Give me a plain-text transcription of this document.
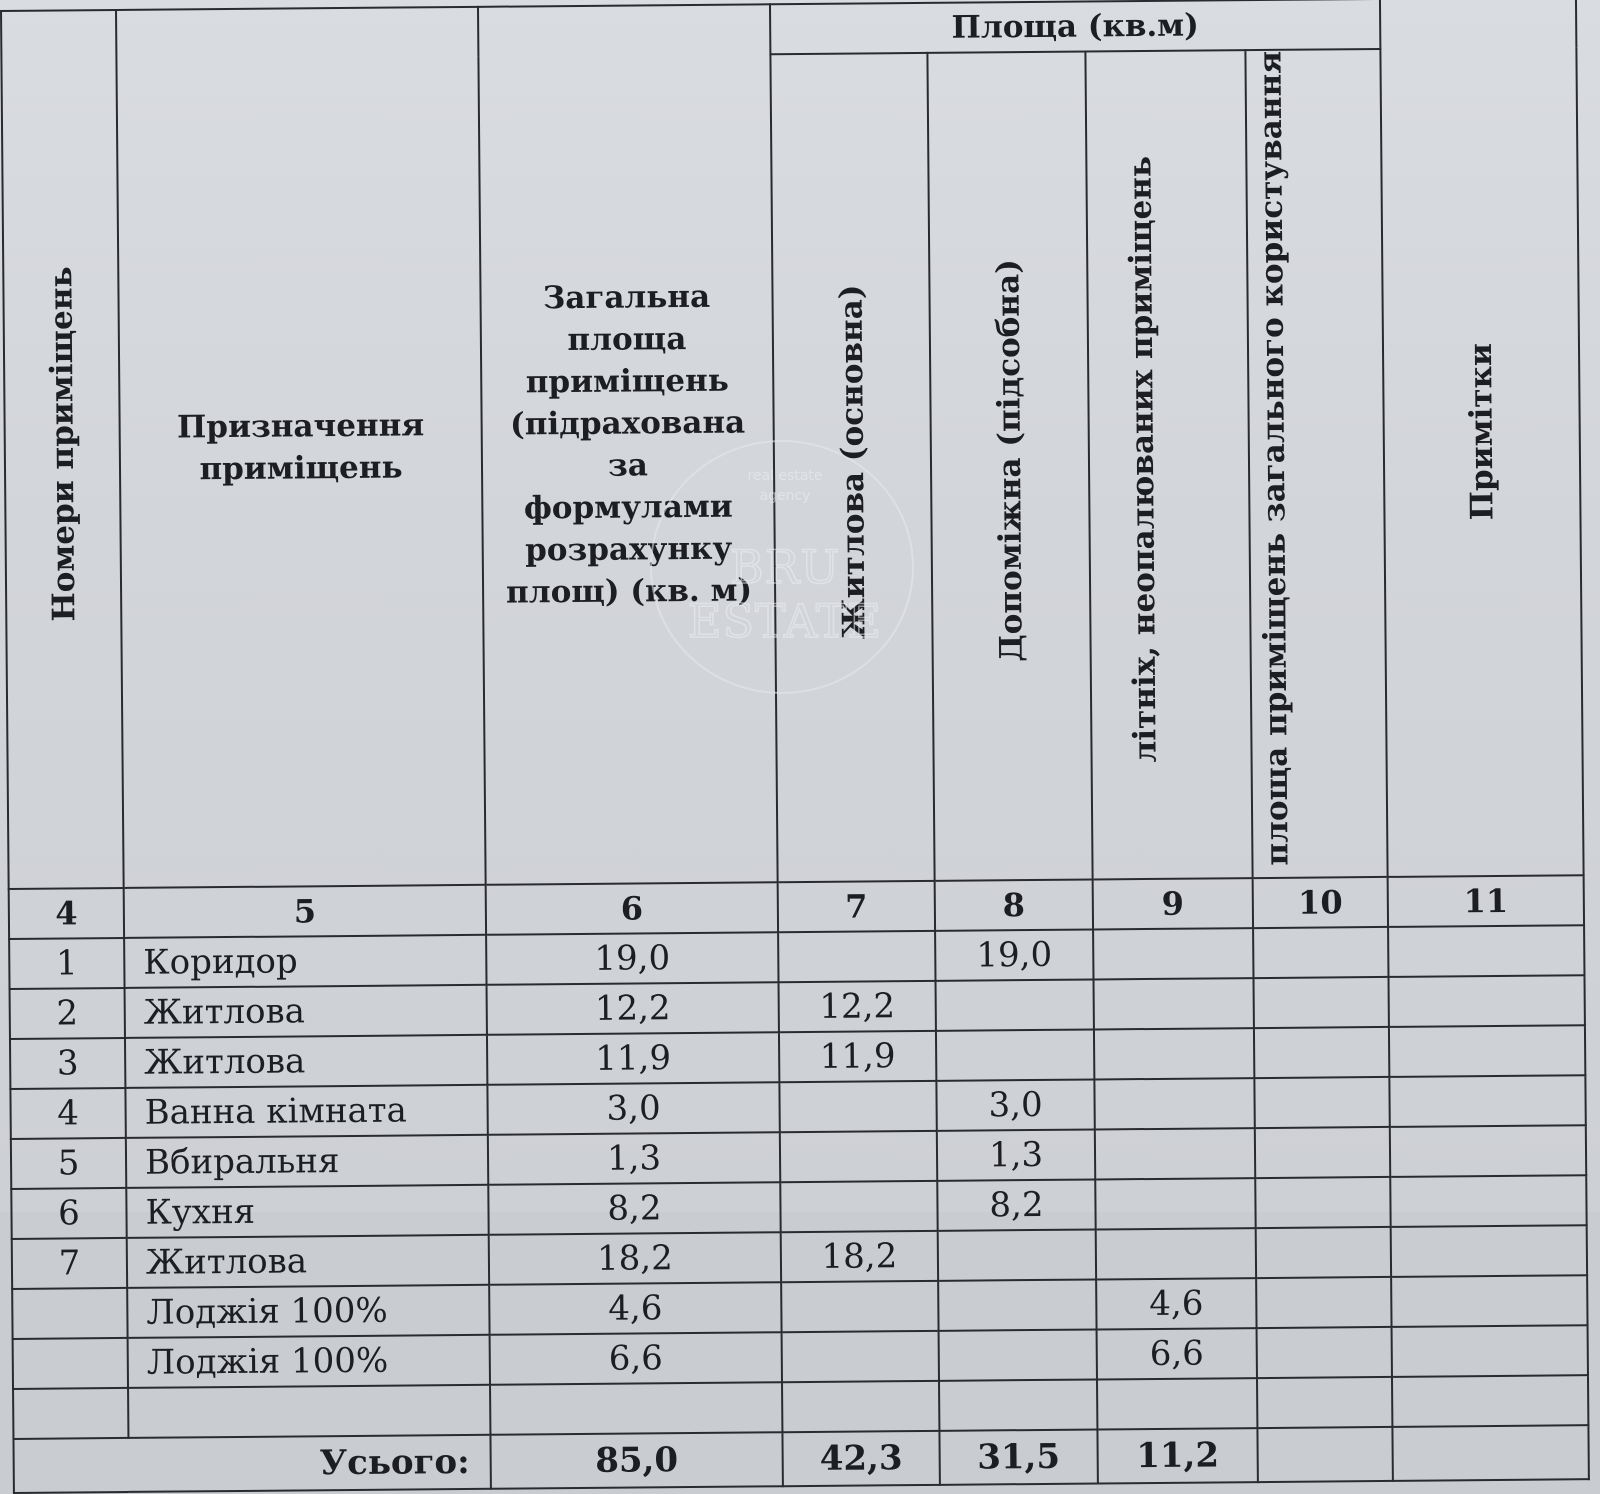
Номери приміщень	Призначення приміщень	Загальна площа приміщень (підрахована за формулами розрахунку площ) (кв. м)	Площа (кв.м)				Примітки
			Житлова (основна)	Допоміжна (підсобна)	літніх, неопалюваних приміщень	площа приміщень загального користування	
4	5	6	7	8	9	10	11
1	Коридор	19,0		19,0			
2	Житлова	12,2	12,2				
3	Житлова	11,9	11,9				
4	Ванна кімната	3,0		3,0			
5	Вбиральня	1,3		1,3			
6	Кухня	8,2		8,2			
7	Житлова	18,2	18,2				
	Лоджія 100%	4,6			4,6		
	Лоджія 100%	6,6			6,6		

Усього:		85,0	42,3	31,5	11,2		
real estate
agency
